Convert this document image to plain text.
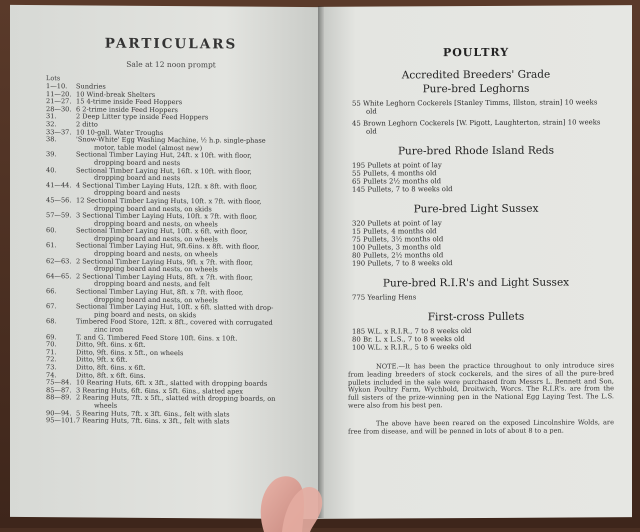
PARTICULARS
Sale at 12 noon prompt
Lots
1—10.	Sundries
11—20. 10 Wind-break Shelters
21—27. 15 4-trime inside Feed Hoppers
28—30. 6 2-trime inside Feed Hoppers
31.	2 Deep Litter type inside Feed Hoppers
32.	2 ditto
33—37. 10 10-gall. Water Troughs
38.	'Snow-White' Egg Washing Machine, ½ h.p. single-phase
motor, table model (almost new)
39.	Sectional Timber Laying Hut, 24ft. x 10ft. with floor,
dropping board and nests
40.	Sectional Timber Laying Hut, 16ft. x 10ft. with floor,
dropping board and nests
41—44. 4 Sectional Timber Laying Huts, 12ft. x 8ft. with floor,
dropping board and nests
45—56. 12 Sectional Timber Laying Huts, 10ft. x 7ft. with floor,
dropping board and nests, on skids
57—59. 3 Sectional Timber Laying Huts, 10ft. x 7ft. with floor,
dropping board and nests, on wheels
60.	Sectional Timber Laying Hut, 10ft. x 6ft. with floor,
dropping board and nests, on wheels
61.	Sectional Timber Laying Hut, 9ft.6ins. x 8ft. with floor,
dropping board and nests, on wheels
62—63. 2 Sectional Timber Laying Huts, 9ft. x 7ft. with floor,
dropping board and nests, on wheels
64—65. 2 Sectional Timber Laying Huts, 8ft. x 7ft. with floor,
dropping board and nests, and felt
66.	Sectional Timber Laying Hut, 8ft. x 7ft. with floor,
dropping board and nests, on wheels
67.	Sectional Timber Laying Hut, 10ft. x 6ft. slatted with drop-
ping board and nests, on skids
68.	Timbered Food Store, 12ft. x 8ft., covered with corrugated
zinc iron
69.	T. and G. Timbered Feed Store 10ft. 6ins. x 10ft.
70.	Ditto, 9ft. 6ins. x 6ft.
71.	Ditto, 9ft. 6ins. x 5ft., on wheels
72.	Ditto, 9ft. x 6ft.
73.	Ditto, 8ft. 6ins. x 6ft.
74.	Ditto, 8ft. x 6ft. 6ins.
75—84. 10 Rearing Huts, 6ft. x 3ft., slatted with dropping boards
85—87. 3 Rearing Huts, 6ft. 6ins. x 5ft. 6ins., slatted apex
88—89. 2 Rearing Huts, 7ft. x 5ft., slatted with dropping boards, on
wheels
90—94. 5 Rearing Huts, 7ft. x 3ft. 6ins., felt with slats
95—101. 7 Rearing Huts, 7ft. 6ins. x 3ft., felt with slats
POULTRY
Accredited Breeders' Grade
Pure-bred Leghorns
55 White Leghorn Cockerels [Stanley Timms, Illston, strain] 10 weeks
old
45 Brown Leghorn Cockerels [W. Pigott, Laughterton, strain] 10 weeks
old
Pure-bred Rhode Island Reds
195 Pullets at point of lay
55 Pullets, 4 months old
65 Pullets 2½ months old
145 Pullets, 7 to 8 weeks old
Pure-bred Light Sussex
320 Pullets at point of lay
15 Pullets, 4 months old
75 Pullets, 3½ months old
100 Pullets, 3 months old
80 Pullets, 2½ months old
190 Pullets, 7 to 8 weeks old
Pure-bred R.I.R's and Light Sussex
775 Yearling Hens
First-cross Pullets
185 W.L. x R.I.R., 7 to 8 weeks old
80 Br. L. x L.S., 7 to 8 weeks old
100 W.L. x R.I.R., 5 to 6 weeks old
NOTE.—It has been the practice throughout to only introduce sires from leading breeders of stock cockerels, and the sires of all the pure-bred pullets included in the sale were purchased from Messrs L. Bennett and Son, Wykon Poultry Farm, Wychbold, Droitwich, Worcs. The R.I.R's. are from the full sisters of the prize-winning pen in the National Egg Laying Test. The L.S. were also from his best pen.
The above have been reared on the exposed Lincolnshire Wolds, are free from disease, and will be penned in lots of about 8 to a pen.
